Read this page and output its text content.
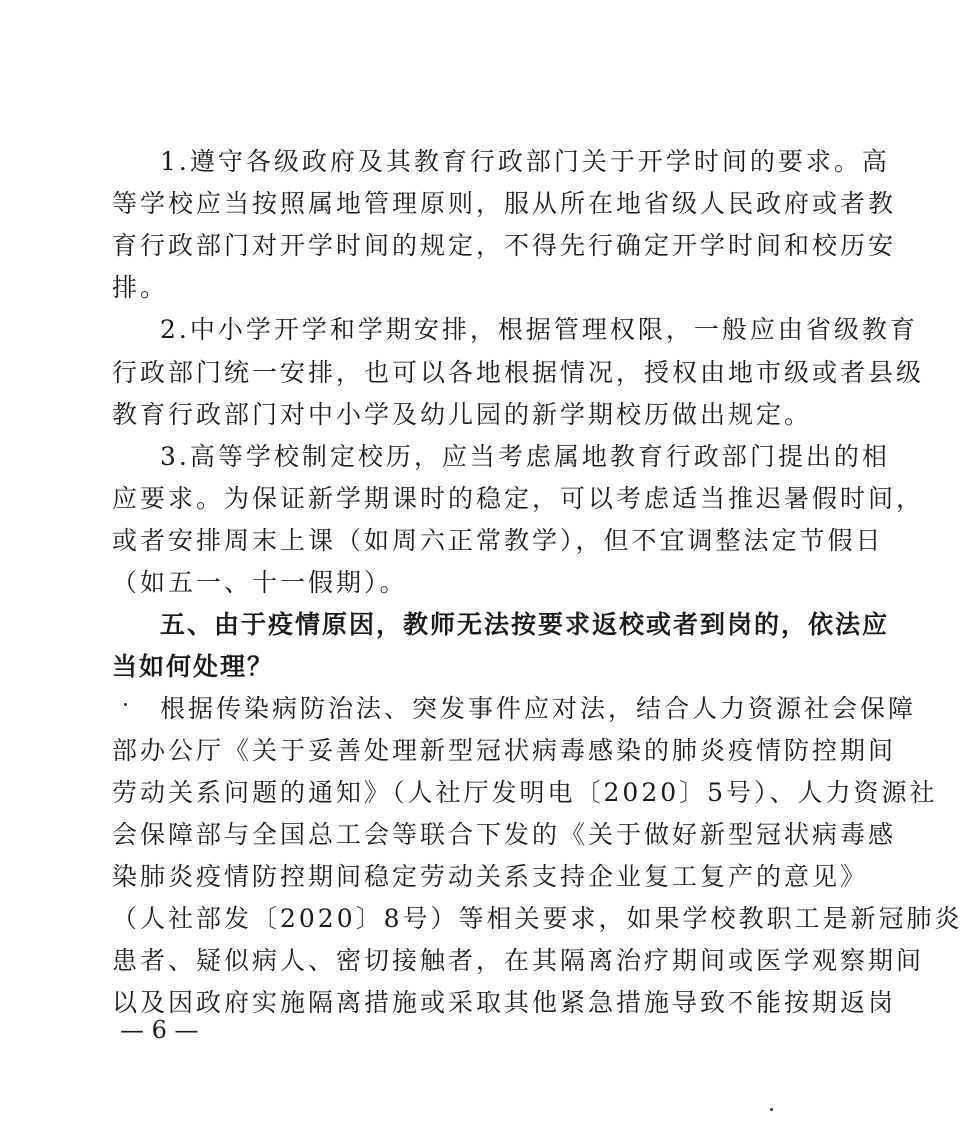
1.遵守各级政府及其教育行政部门关于开学时间的要求。高
等学校应当按照属地管理原则，服从所在地省级人民政府或者教
育行政部门对开学时间的规定，不得先行确定开学时间和校历安
排。
2.中小学开学和学期安排，根据管理权限，一般应由省级教育
行政部门统一安排，也可以各地根据情况，授权由地市级或者县级
教育行政部门对中小学及幼儿园的新学期校历做出规定。
3.高等学校制定校历，应当考虑属地教育行政部门提出的相
应要求。为保证新学期课时的稳定，可以考虑适当推迟暑假时间，
或者安排周末上课（如周六正常教学），但不宜调整法定节假日
（如五一、十一假期）。
五、由于疫情原因，教师无法按要求返校或者到岗的，依法应
当如何处理？
根据传染病防治法、突发事件应对法，结合人力资源社会保障
部办公厅《关于妥善处理新型冠状病毒感染的肺炎疫情防控期间
劳动关系问题的通知》（人社厅发明电〔2020〕5号）、人力资源社
会保障部与全国总工会等联合下发的《关于做好新型冠状病毒感
染肺炎疫情防控期间稳定劳动关系支持企业复工复产的意见》
（人社部发〔2020〕8号）等相关要求，如果学校教职工是新冠肺炎
患者、疑似病人、密切接触者，在其隔离治疗期间或医学观察期间
以及因政府实施隔离措施或采取其他紧急措施导致不能按期返岗
— 6 —
